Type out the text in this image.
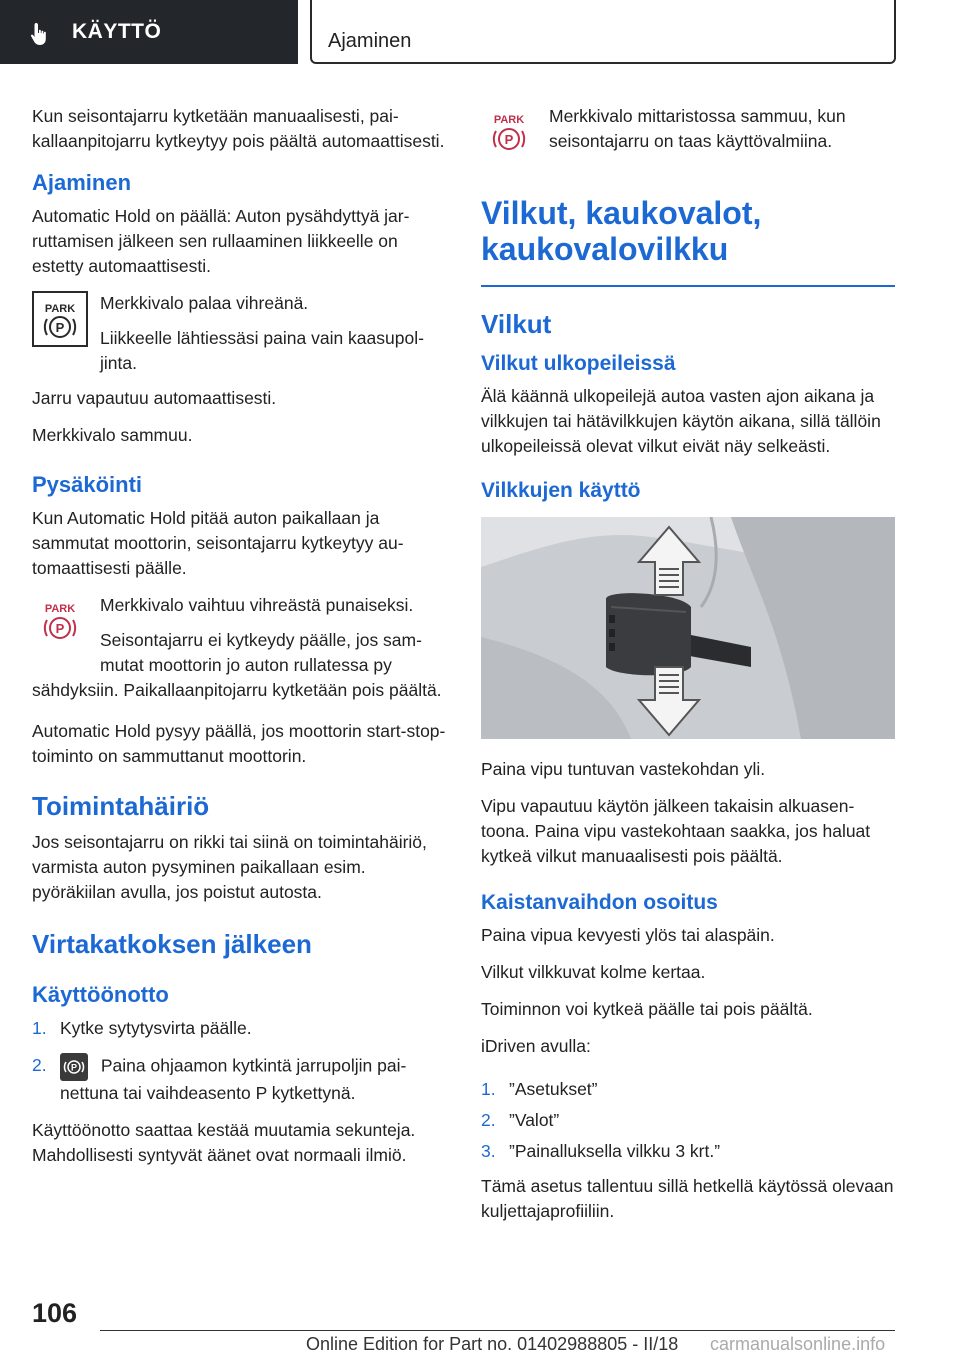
KÄYTTÖ	Ajaminen

Kun seisontajarru kytketään manuaalisesti, paikallaanpitojarru kytkeytyy pois päältä automaattisesti.

Ajaminen

Automatic Hold on päällä: Auton pysähdyttyä jarruttamisen jälkeen sen rullaaminen liikkeelle on estetty automaattisesti.

PARK
P

Merkkivalo palaa vihreänä.

Liikkeelle lähtiessäsi paina vain kaasupoljinta.

Jarru vapautuu automaattisesti.

Merkkivalo sammuu.

Pysäköinti

Kun Automatic Hold pitää auton paikallaan ja sammutat moottorin, seisontajarru kytkeytyy automaattisesti päälle.

PARK
P

Merkkivalo vaihtuu vihreästä punaiseksi.

Seisontajarru ei kytkeydy päälle, jos sammutat moottorin jo auton rullatessa py

sähdyksiin. Paikallaanpitojarru kytketään pois päältä.

Automatic Hold pysyy päällä, jos moottorin start-stop-toiminto on sammuttanut moottorin.

Toimintahäiriö

Jos seisontajarru on rikki tai siinä on toimintahäiriö, varmista auton pysyminen paikallaan esim. pyöräkiilan avulla, jos poistut autosta.

Virtakatkoksen jälkeen
Käyttöönotto
1. Kytke sytytysvirta päälle.
2.	P Paina ohjaamon kytkintä jarrupoljin painettuna tai vaihdeasento P kytkettynä.

Käyttöönotto saattaa kestää muutamia sekunteja. Mahdollisesti syntyvät äänet ovat normaali ilmiö.

PARK
P

Merkkivalo mittaristossa sammuu, kun seisontajarru on taas käyttövalmiina.

Vilkut, kaukovalot, kaukovalovilkku
Vilkut
Vilkut ulkopeileissä

Älä käännä ulkopeilejä autoa vasten ajon aikana ja vilkkujen tai hätävilkkujen käytön aikana, sillä tällöin ulkopeileissä olevat vilkut eivät näy selkeästi.

Vilkkujen käyttö

Paina vipu tuntuvan vastekohdan yli.

Vipu vapautuu käytön jälkeen takaisin alkuasentoona. Paina vipu vastekohtaan saakka, jos haluat kytkeä vilkut manuaalisesti pois päältä.

Kaistanvaihdon osoitus

Paina vipua kevyesti ylös tai alaspäin.

Vilkut vilkkuvat kolme kertaa.

Toiminnon voi kytkeä päälle tai pois päältä.

iDriven avulla:

1. ”Asetukset”
2. ”Valot”
3. ”Painalluksella vilkku 3 krt.”

Tämä asetus tallentuu sillä hetkellä käytössä olevaan kuljettajaprofiiliin.

106
Online Edition for Part no. 01402988805 - II/18 carmanualsonline.info
